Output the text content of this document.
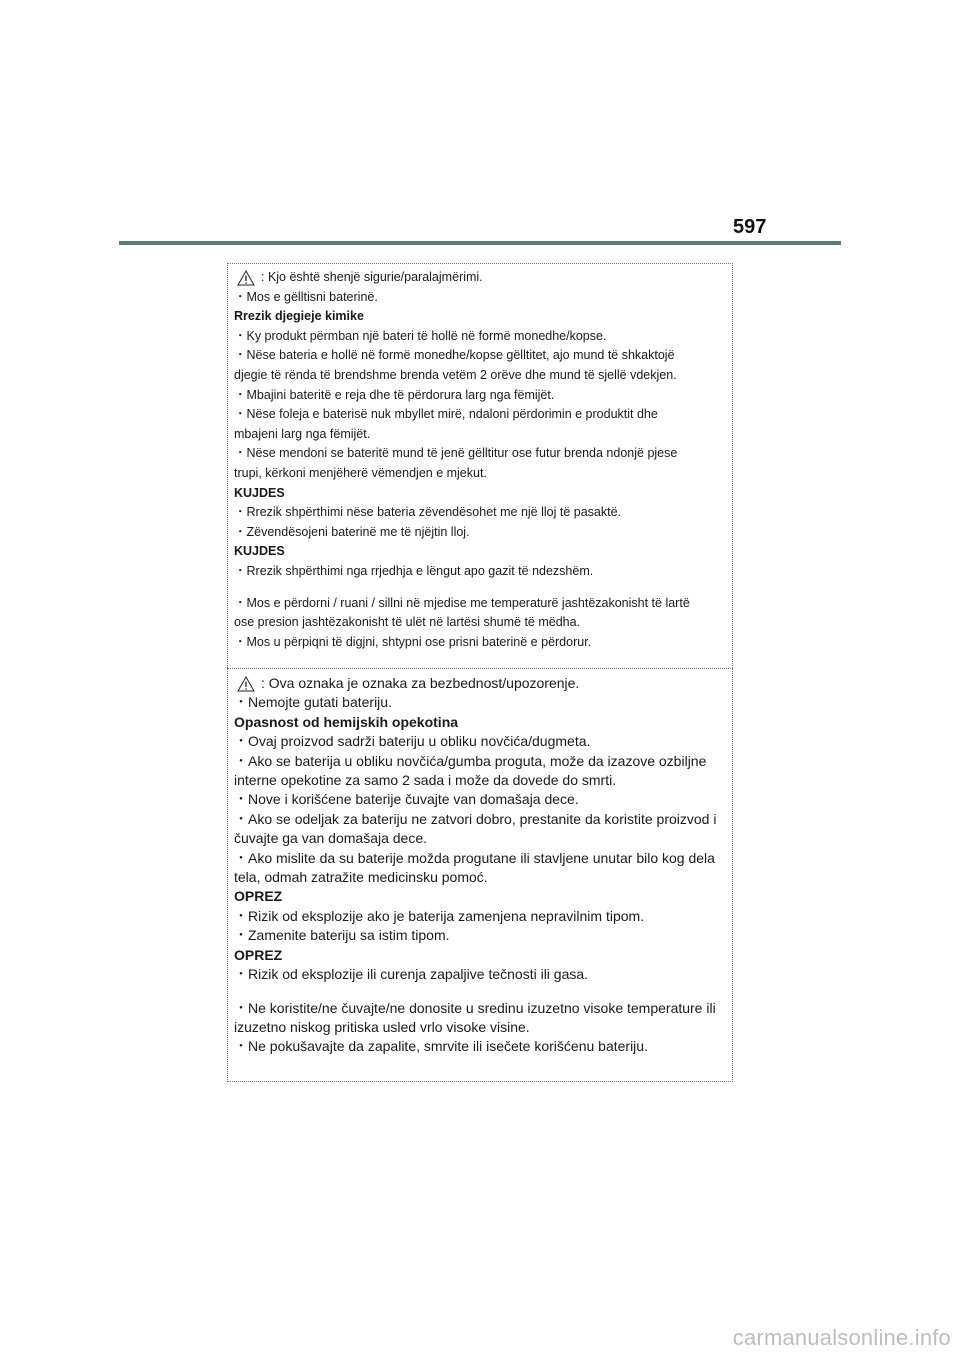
597
: Kjo është shenjë sigurie/paralajmërimi.
・Mos e gëlltisni baterinë.
Rrezik djegieje kimike
・Ky produkt përmban një bateri të hollë në formë monedhe/kopse.
・Nëse bateria e hollë në formë monedhe/kopse gëlltitet, ajo mund të shkaktojë
djegie të rënda të brendshme brenda vetëm 2 orëve dhe mund të sjellë vdekjen.
・Mbajini bateritë e reja dhe të përdorura larg nga fëmijët.
・Nëse foleja e baterisë nuk mbyllet mirë, ndaloni përdorimin e produktit dhe
mbajeni larg nga fëmijët.
・Nëse mendoni se bateritë mund të jenë gëlltitur ose futur brenda ndonjë pjese
trupi, kërkoni menjëherë vëmendjen e mjekut.
KUJDES
・Rrezik shpërthimi nëse bateria zëvendësohet me një lloj të pasaktë.
・Zëvendësojeni baterinë me të njëjtin lloj.
KUJDES
・Rrezik shpërthimi nga rrjedhja e lëngut apo gazit të ndezshëm.
・Mos e përdorni / ruani / sillni në mjedise me temperaturë jashtëzakonisht të lartë
ose presion jashtëzakonisht të ulët në lartësi shumë të mëdha.
・Mos u përpiqni të digjni, shtypni ose prisni baterinë e përdorur.
: Ova oznaka je oznaka za bezbednost/upozorenje.
・Nemojte gutati bateriju.
Opasnost od hemijskih opekotina
・Ovaj proizvod sadrži bateriju u obliku novčića/dugmeta.
・Ako se baterija u obliku novčića/gumba proguta, može da izazove ozbiljne
interne opekotine za samo 2 sada i može da dovede do smrti.
・Nove i korišćene baterije čuvajte van domašaja dece.
・Ako se odeljak za bateriju ne zatvori dobro, prestanite da koristite proizvod i
čuvajte ga van domašaja dece.
・Ako mislite da su baterije možda progutane ili stavljene unutar bilo kog dela
tela, odmah zatražite medicinsku pomoć.
OPREZ
・Rizik od eksplozije ako je baterija zamenjena nepravilnim tipom.
・Zamenite bateriju sa istim tipom.
OPREZ
・Rizik od eksplozije ili curenja zapaljive tečnosti ili gasa.
・Ne koristite/ne čuvajte/ne donosite u sredinu izuzetno visoke temperature ili
izuzetno niskog pritiska usled vrlo visoke visine.
・Ne pokušavajte da zapalite, smrvite ili isečete korišćenu bateriju.
carmanualsonline.info
